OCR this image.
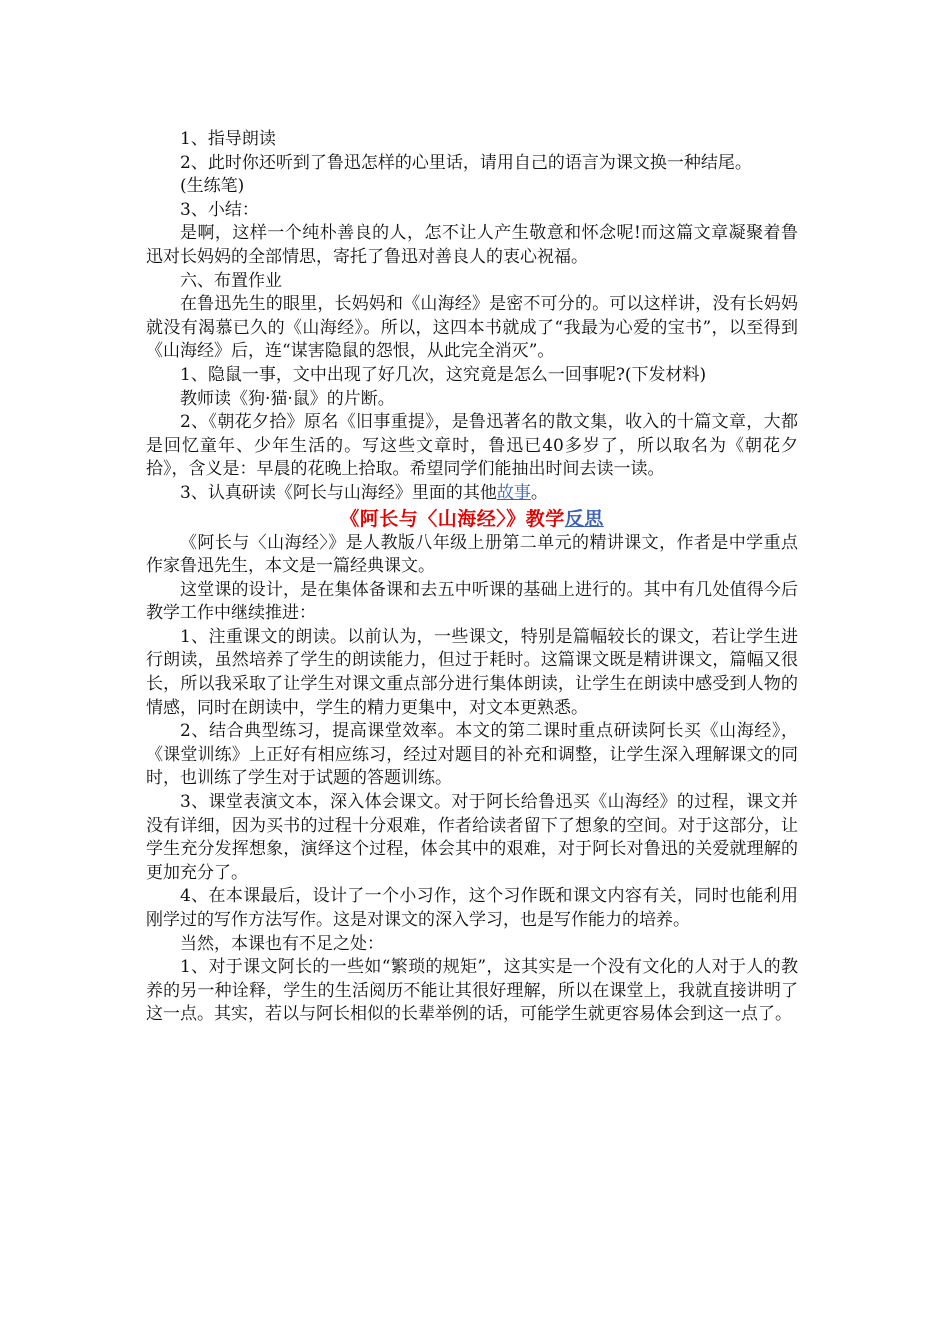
1、指导朗读

2、此时你还听到了鲁迅怎样的心里话，请用自己的语言为课文换一种结尾。

(生练笔)

3、小结：

是啊，这样一个纯朴善良的人，怎不让人产生敬意和怀念呢!而这篇文章凝聚着鲁迅对长妈妈的全部情思，寄托了鲁迅对善良人的衷心祝福。

六、布置作业

在鲁迅先生的眼里，长妈妈和《山海经》是密不可分的。可以这样讲，没有长妈妈就没有渴慕已久的《山海经》。所以，这四本书就成了“我最为心爱的宝书”，以至得到《山海经》后，连“谋害隐鼠的怨恨，从此完全消灭”。

1、隐鼠一事，文中出现了好几次，这究竟是怎么一回事呢?(下发材料)

教师读《狗·猫·鼠》的片断。

2、《朝花夕拾》原名《旧事重提》，是鲁迅著名的散文集，收入的十篇文章，大都是回忆童年、少年生活的。写这些文章时，鲁迅已40多岁了，所以取名为《朝花夕拾》，含义是：早晨的花晚上拾取。希望同学们能抽出时间去读一读。

3、认真研读《阿长与山海经》里面的其他故事。

《阿长与〈山海经〉》教学反思

《阿长与〈山海经〉》是人教版八年级上册第二单元的精讲课文，作者是中学重点作家鲁迅先生，本文是一篇经典课文。

这堂课的设计，是在集体备课和去五中听课的基础上进行的。其中有几处值得今后教学工作中继续推进：

1、注重课文的朗读。以前认为，一些课文，特别是篇幅较长的课文，若让学生进行朗读，虽然培养了学生的朗读能力，但过于耗时。这篇课文既是精讲课文，篇幅又很长，所以我采取了让学生对课文重点部分进行集体朗读，让学生在朗读中感受到人物的情感，同时在朗读中，学生的精力更集中，对文本更熟悉。

2、结合典型练习，提高课堂效率。本文的第二课时重点研读阿长买《山海经》，《课堂训练》上正好有相应练习，经过对题目的补充和调整，让学生深入理解课文的同时，也训练了学生对于试题的答题训练。

3、课堂表演文本，深入体会课文。对于阿长给鲁迅买《山海经》的过程，课文并没有详细，因为买书的过程十分艰难，作者给读者留下了想象的空间。对于这部分，让学生充分发挥想象，演绎这个过程，体会其中的艰难，对于阿长对鲁迅的关爱就理解的更加充分了。

4、在本课最后，设计了一个小习作，这个习作既和课文内容有关，同时也能利用刚学过的写作方法写作。这是对课文的深入学习，也是写作能力的培养。

当然，本课也有不足之处：

1、对于课文阿长的一些如“繁琐的规矩”，这其实是一个没有文化的人对于人的教养的另一种诠释，学生的生活阅历不能让其很好理解，所以在课堂上，我就直接讲明了这一点。其实，若以与阿长相似的长辈举例的话，可能学生就更容易体会到这一点了。
